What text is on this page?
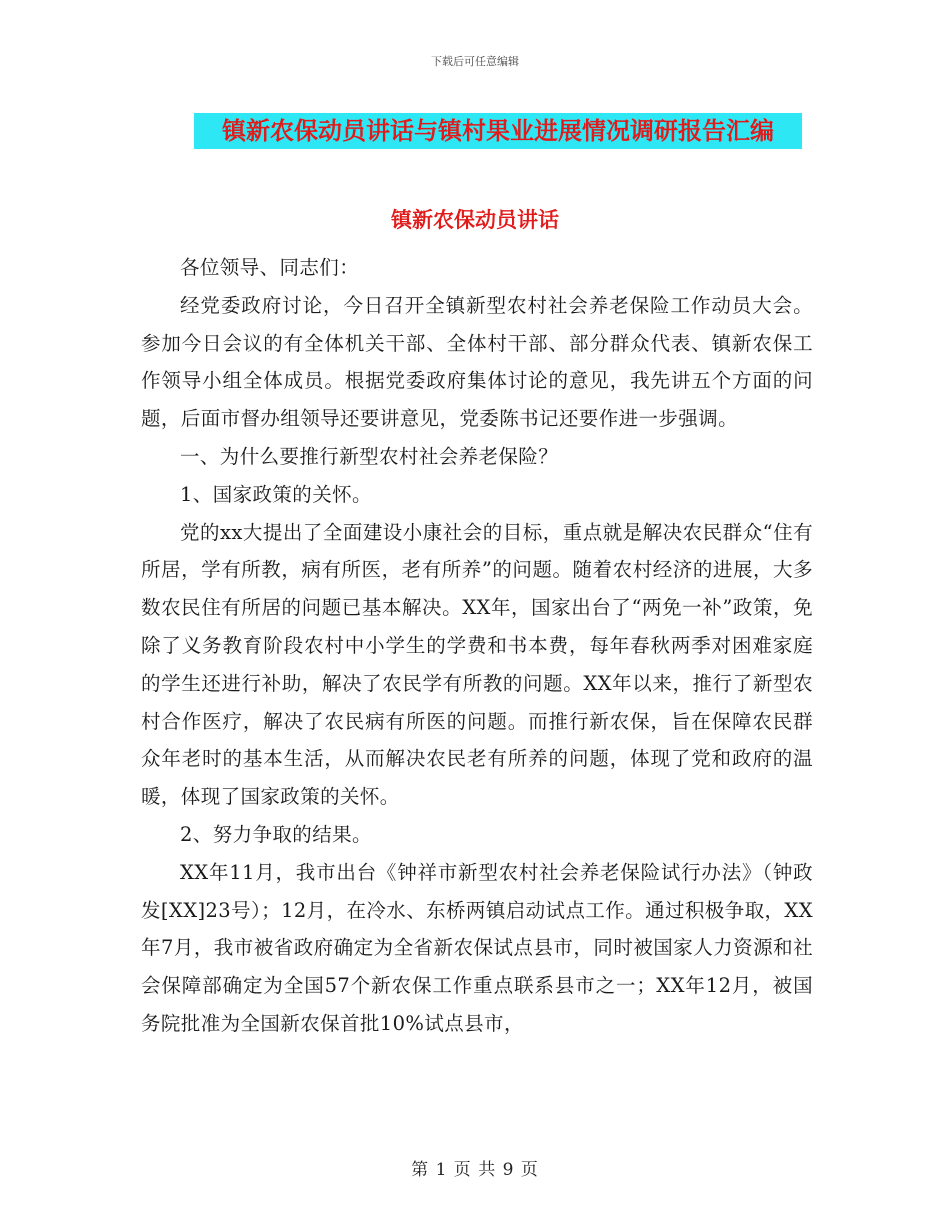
下载后可任意编辑
镇新农保动员讲话与镇村果业进展情况调研报告汇编
镇新农保动员讲话

各位领导、同志们：

经党委政府讨论，今日召开全镇新型农村社会养老保险工作动员大会。参加今日会议的有全体机关干部、全体村干部、部分群众代表、镇新农保工作领导小组全体成员。根据党委政府集体讨论的意见，我先讲五个方面的问题，后面市督办组领导还要讲意见，党委陈书记还要作进一步强调。

一、为什么要推行新型农村社会养老保险？

1、国家政策的关怀。

党的xx大提出了全面建设小康社会的目标，重点就是解决农民群众“住有所居，学有所教，病有所医，老有所养”的问题。随着农村经济的进展，大多数农民住有所居的问题已基本解决。XX年，国家出台了“两免一补”政策，免除了义务教育阶段农村中小学生的学费和书本费，每年春秋两季对困难家庭的学生还进行补助，解决了农民学有所教的问题。XX年以来，推行了新型农村合作医疗，解决了农民病有所医的问题。而推行新农保，旨在保障农民群众年老时的基本生活，从而解决农民老有所养的问题，体现了党和政府的温暖，体现了国家政策的关怀。

2、努力争取的结果。

XX年11月，我市出台《钟祥市新型农村社会养老保险试行办法》（钟政发[XX]23号）；12月，在冷水、东桥两镇启动试点工作。通过积极争取，XX年7月，我市被省政府确定为全省新农保试点县市，同时被国家人力资源和社会保障部确定为全国57个新农保工作重点联系县市之一；XX年12月，被国务院批准为全国新农保首批10%试点县市，

第 1 页 共 9 页
